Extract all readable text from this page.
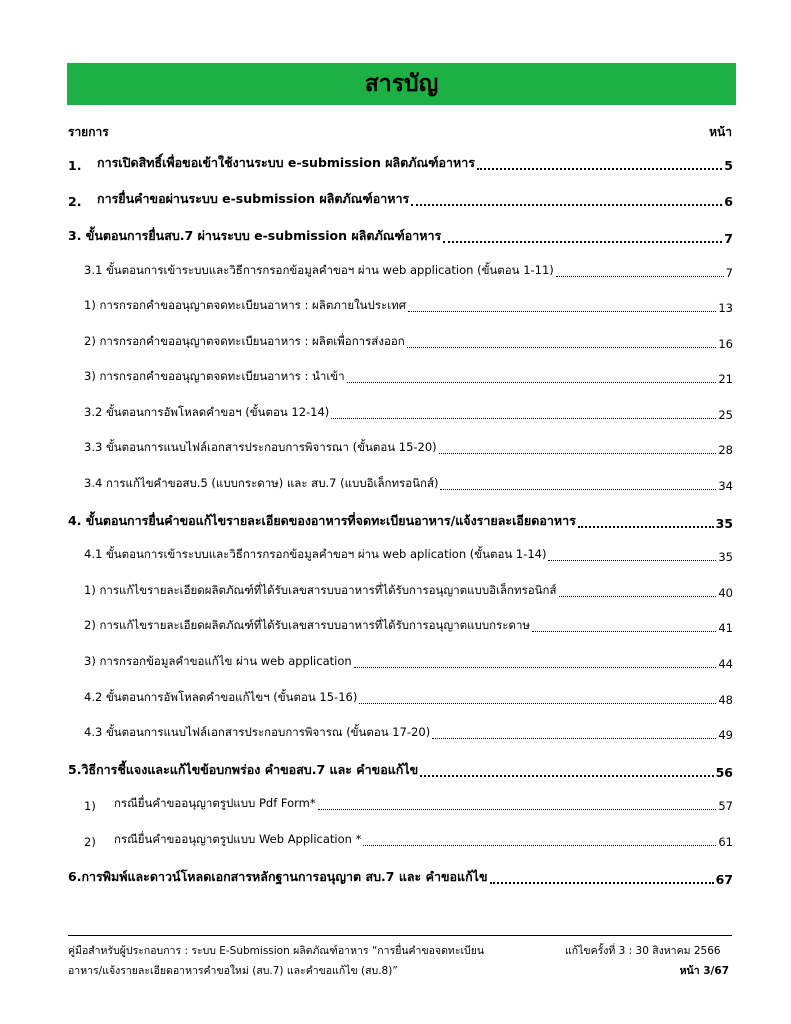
สารบัญ
รายการ	หน้า
1.	การเปิดสิทธิ์เพื่อขอเข้าใช้งานระบบ e-submission ผลิตภัณฑ์อาหาร	5
2.	การยื่นคำขอผ่านระบบ e-submission ผลิตภัณฑ์อาหาร	6
3. ขั้นตอนการยื่นสบ.7 ผ่านระบบ e-submission ผลิตภัณฑ์อาหาร	7
3.1 ขั้นตอนการเข้าระบบและวิธีการกรอกข้อมูลคำขอฯ ผ่าน web application (ขั้นตอน 1-11)	7
1) การกรอกคำขออนุญาตจดทะเบียนอาหาร : ผลิตภายในประเทศ	13
2) การกรอกคำขออนุญาตจดทะเบียนอาหาร : ผลิตเพื่อการส่งออก	16
3) การกรอกคำขออนุญาตจดทะเบียนอาหาร : นำเข้า	21
3.2 ขั้นตอนการอัพโหลดคำขอฯ (ขั้นตอน 12-14)	25
3.3 ขั้นตอนการแนบไฟล์เอกสารประกอบการพิจารณา (ขั้นตอน 15-20)	28
3.4 การแก้ไขคำขอสบ.5 (แบบกระดาษ) และ สบ.7 (แบบอิเล็กทรอนิกส์)	34
4. ขั้นตอนการยื่นคำขอแก้ไขรายละเอียดของอาหารที่จดทะเบียนอาหาร/แจ้งรายละเอียดอาหาร	35
4.1 ขั้นตอนการเข้าระบบและวิธีการกรอกข้อมูลคำขอฯ ผ่าน web aplication (ขั้นตอน 1-14)	35
1) การแก้ไขรายละเอียดผลิตภัณฑ์ที่ได้รับเลขสารบบอาหารที่ได้รับการอนุญาตแบบอิเล็กทรอนิกส์	40
2) การแก้ไขรายละเอียดผลิตภัณฑ์ที่ได้รับเลขสารบบอาหารที่ได้รับการอนุญาตแบบกระดาษ	41
3) การกรอกข้อมูลคำขอแก้ไข ผ่าน web application	44
4.2 ขั้นตอนการอัพโหลดคำขอแก้ไขฯ (ขั้นตอน 15-16)	48
4.3 ขั้นตอนการแนบไฟล์เอกสารประกอบการพิจารณ (ขั้นตอน 17-20)	49
5.วิธีการชี้แจงและแก้ไขข้อบกพร่อง คำขอสบ.7 และ คำขอแก้ไข	56
1)	กรณียื่นคำขออนุญาตรูปแบบ Pdf Form*	57
2)	กรณียื่นคำขออนุญาตรูปแบบ Web Application *	61
6.การพิมพ์และดาวน์โหลดเอกสารหลักฐานการอนุญาต สบ.7 และ คำขอแก้ไข	67
คู่มือสำหรับผู้ประกอบการ : ระบบ E-Submission ผลิตภัณฑ์อาหาร “การยื่นคำขอจดทะเบียน
อาหาร/แจ้งรายละเอียดอาหารคำขอใหม่ (สบ.7) และคำขอแก้ไข (สบ.8)”
แก้ไขครั้งที่ 3 : 30 สิงหาคม 2566
หน้า 3/67
